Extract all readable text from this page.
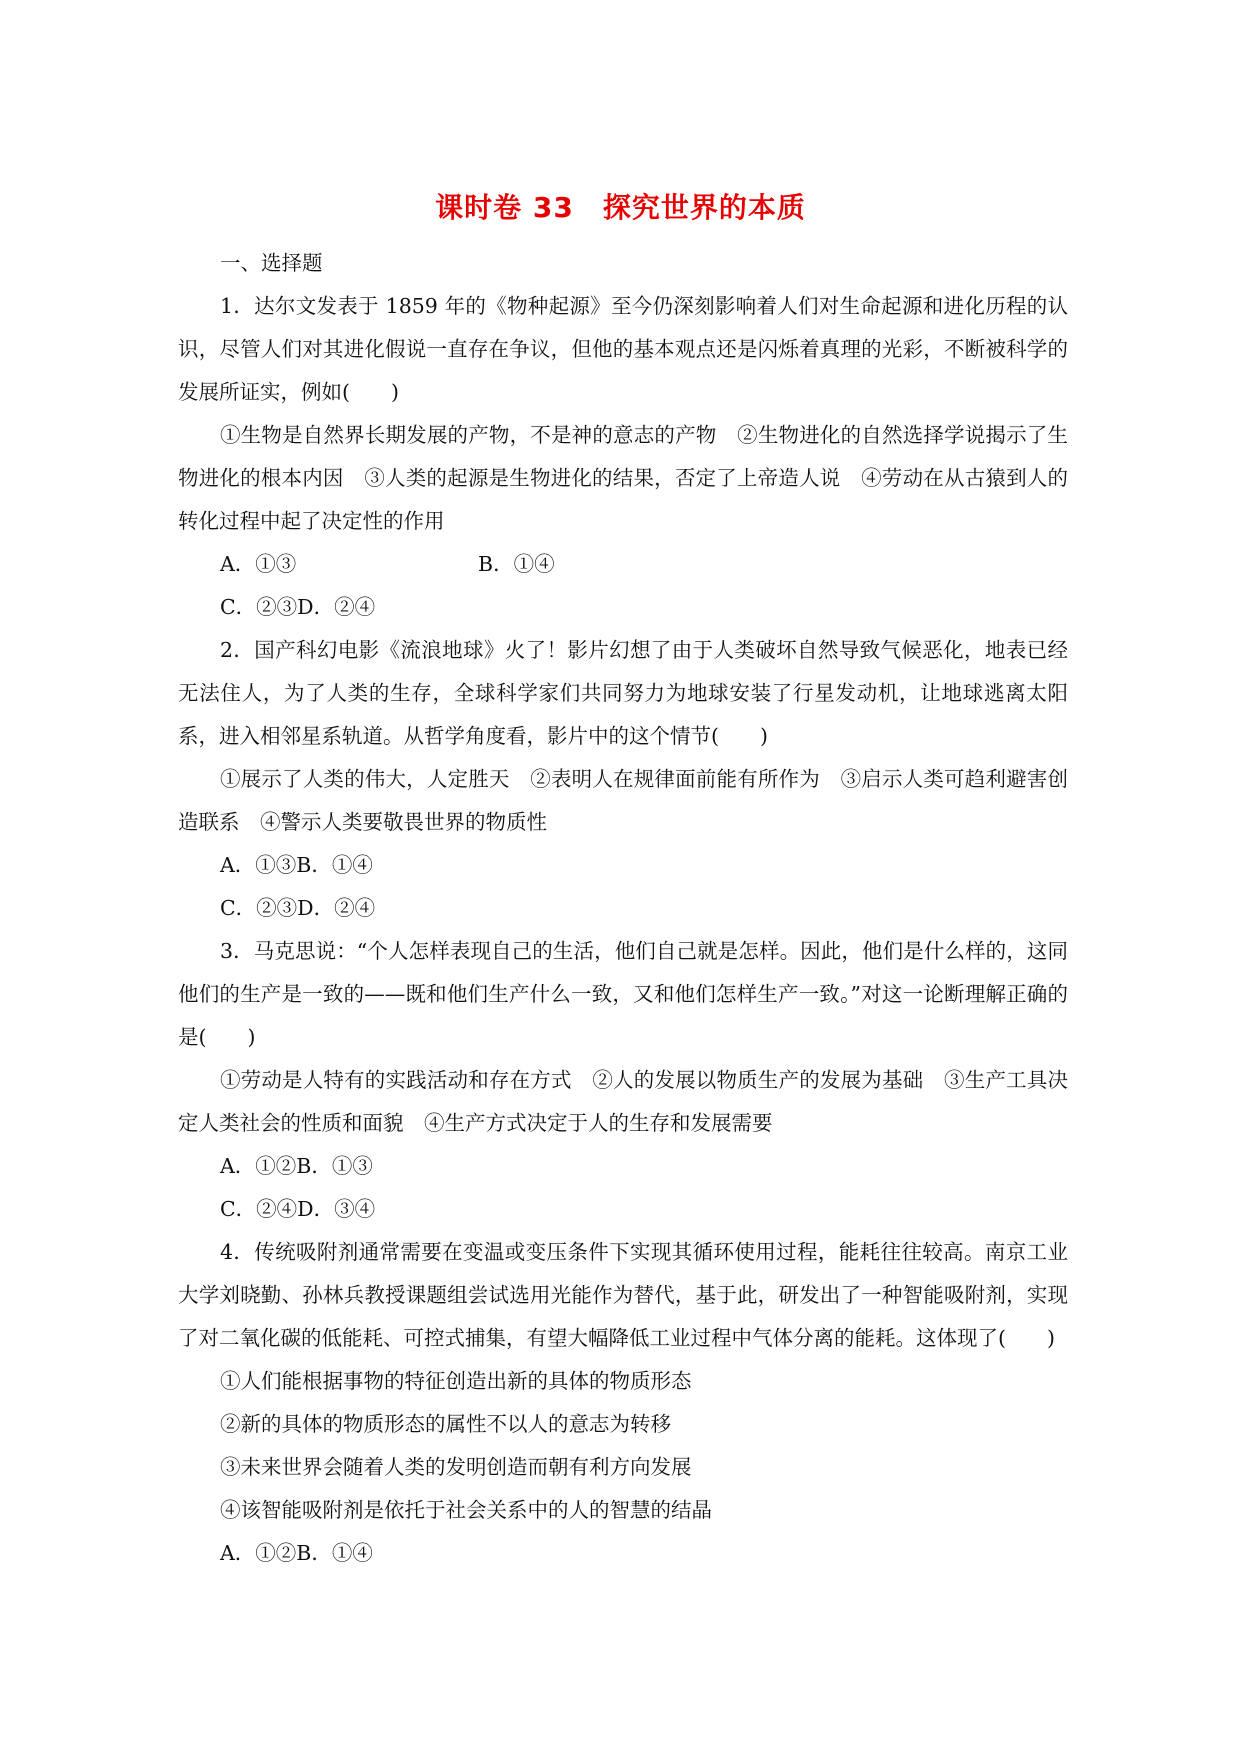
课时卷 33　探究世界的本质

一、选择题

1．达尔文发表于 1859 年的《物种起源》至今仍深刻影响着人们对生命起源和进化历程的认识，尽管人们对其进化假说一直存在争议，但他的基本观点还是闪烁着真理的光彩，不断被科学的发展所证实，例如(　　)

①生物是自然界长期发展的产物，不是神的意志的产物　②生物进化的自然选择学说揭示了生物进化的根本内因　③人类的起源是生物进化的结果，否定了上帝造人说　④劳动在从古猿到人的转化过程中起了决定性的作用

A．①③	B．①④

C．②③D．②④

2．国产科幻电影《流浪地球》火了！影片幻想了由于人类破坏自然导致气候恶化，地表已经无法住人，为了人类的生存，全球科学家们共同努力为地球安装了行星发动机，让地球逃离太阳系，进入相邻星系轨道。从哲学角度看，影片中的这个情节(　　)

①展示了人类的伟大，人定胜天　②表明人在规律面前能有所作为　③启示人类可趋利避害创造联系　④警示人类要敬畏世界的物质性

A．①③B．①④

C．②③D．②④

3．马克思说：“个人怎样表现自己的生活，他们自己就是怎样。因此，他们是什么样的，这同他们的生产是一致的——既和他们生产什么一致，又和他们怎样生产一致。”对这一论断理解正确的是(　　)

①劳动是人特有的实践活动和存在方式　②人的发展以物质生产的发展为基础　③生产工具决定人类社会的性质和面貌　④生产方式决定于人的生存和发展需要

A．①②B．①③

C．②④D．③④

4．传统吸附剂通常需要在变温或变压条件下实现其循环使用过程，能耗往往较高。南京工业大学刘晓勤、孙林兵教授课题组尝试选用光能作为替代，基于此，研发出了一种智能吸附剂，实现了对二氧化碳的低能耗、可控式捕集，有望大幅降低工业过程中气体分离的能耗。这体现了(　　)

①人们能根据事物的特征创造出新的具体的物质形态

②新的具体的物质形态的属性不以人的意志为转移

③未来世界会随着人类的发明创造而朝有利方向发展

④该智能吸附剂是依托于社会关系中的人的智慧的结晶

A．①②B．①④
